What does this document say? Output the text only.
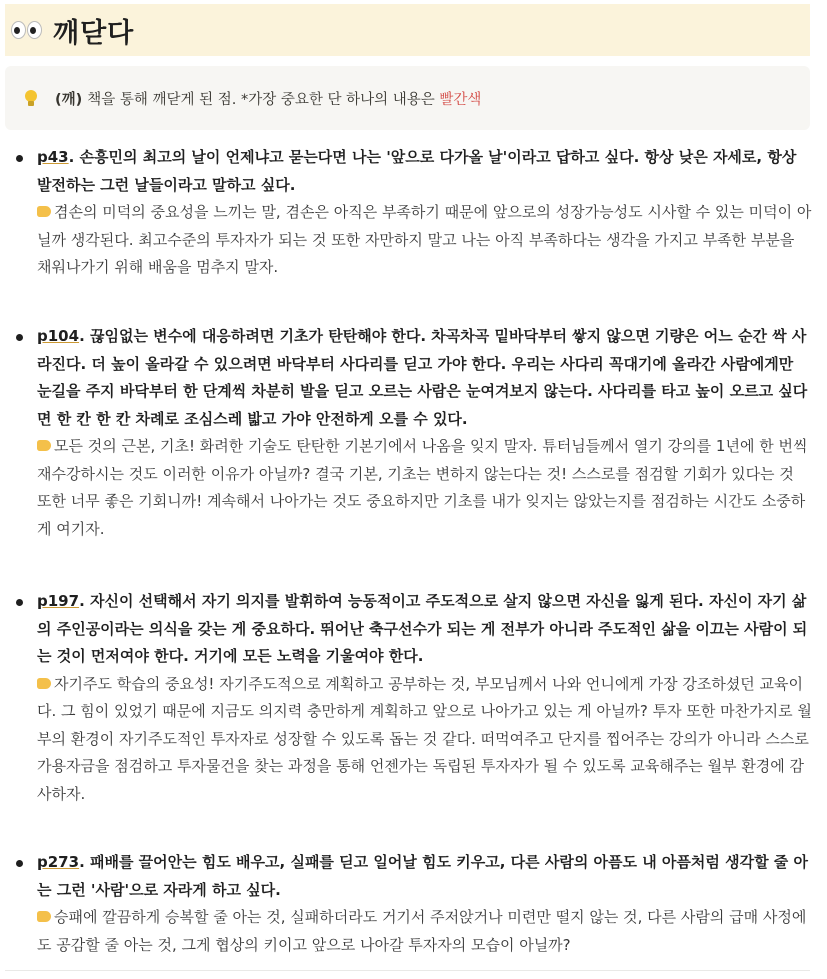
깨닫다
(깨) 책을 통해 깨닫게 된 점. *가장 중요한 단 하나의 내용은
빨간색
p43. 손흥민의 최고의 날이 언제냐고 묻는다면 나는 '앞으로 다가올 날'이라고 답하고 싶다. 항상 낮은 자세로, 항상 발전하는 그런 날들이라고 말하고 싶다.
겸손의 미덕의 중요성을 느끼는 말, 겸손은 아직은 부족하기 때문에 앞으로의 성장가능성도 시사할 수 있는 미덕이 아닐까 생각된다. 최고수준의 투자자가 되는 것 또한 자만하지 말고 나는 아직 부족하다는 생각을 가지고 부족한 부분을 채워나가기 위해 배움을 멈추지 말자.
p104. 끊임없는 변수에 대응하려면 기초가 탄탄해야 한다. 차곡차곡 밑바닥부터 쌓지 않으면 기량은 어느 순간 싹 사라진다. 더 높이 올라갈 수 있으려면 바닥부터 사다리를 딛고 가야 한다. 우리는 사다리 꼭대기에 올라간 사람에게만 눈길을 주지 바닥부터 한 단계씩 차분히 발을 딛고 오르는 사람은 눈여겨보지 않는다. 사다리를 타고 높이 오르고 싶다면 한 칸 한 칸 차례로 조심스레 밟고 가야 안전하게 오를 수 있다.
모든 것의 근본, 기초! 화려한 기술도 탄탄한 기본기에서 나옴을 잊지 말자. 튜터님들께서 열기 강의를 1년에 한 번씩 재수강하시는 것도 이러한 이유가 아닐까? 결국 기본, 기초는 변하지 않는다는 것! 스스로를 점검할 기회가 있다는 것 또한 너무 좋은 기회니까! 계속해서 나아가는 것도 중요하지만 기초를 내가 잊지는 않았는지를 점검하는 시간도 소중하게 여기자.
p197. 자신이 선택해서 자기 의지를 발휘하여 능동적이고 주도적으로 살지 않으면 자신을 잃게 된다. 자신이 자기 삶의 주인공이라는 의식을 갖는 게 중요하다. 뛰어난 축구선수가 되는 게 전부가 아니라 주도적인 삶을 이끄는 사람이 되는 것이 먼저여야 한다. 거기에 모든 노력을 기울여야 한다.
자기주도 학습의 중요성! 자기주도적으로 계획하고 공부하는 것, 부모님께서 나와 언니에게 가장 강조하셨던 교육이다. 그 힘이 있었기 때문에 지금도 의지력 충만하게 계획하고 앞으로 나아가고 있는 게 아닐까? 투자 또한 마찬가지로 월부의 환경이 자기주도적인 투자자로 성장할 수 있도록 돕는 것 같다. 떠먹여주고 단지를 찝어주는 강의가 아니라 스스로 가용자금을 점검하고 투자물건을 찾는 과정을 통해 언젠가는 독립된 투자자가 될 수 있도록 교육해주는 월부 환경에 감사하자.
p273. 패배를 끌어안는 힘도 배우고, 실패를 딛고 일어날 힘도 키우고, 다른 사람의 아픔도 내 아픔처럼 생각할 줄 아는 그런 '사람'으로 자라게 하고 싶다.
승패에 깔끔하게 승복할 줄 아는 것, 실패하더라도 거기서 주저앉거나 미련만 떨지 않는 것, 다른 사람의 급매 사정에도 공감할 줄 아는 것, 그게 협상의 키이고 앞으로 나아갈 투자자의 모습이 아닐까?
